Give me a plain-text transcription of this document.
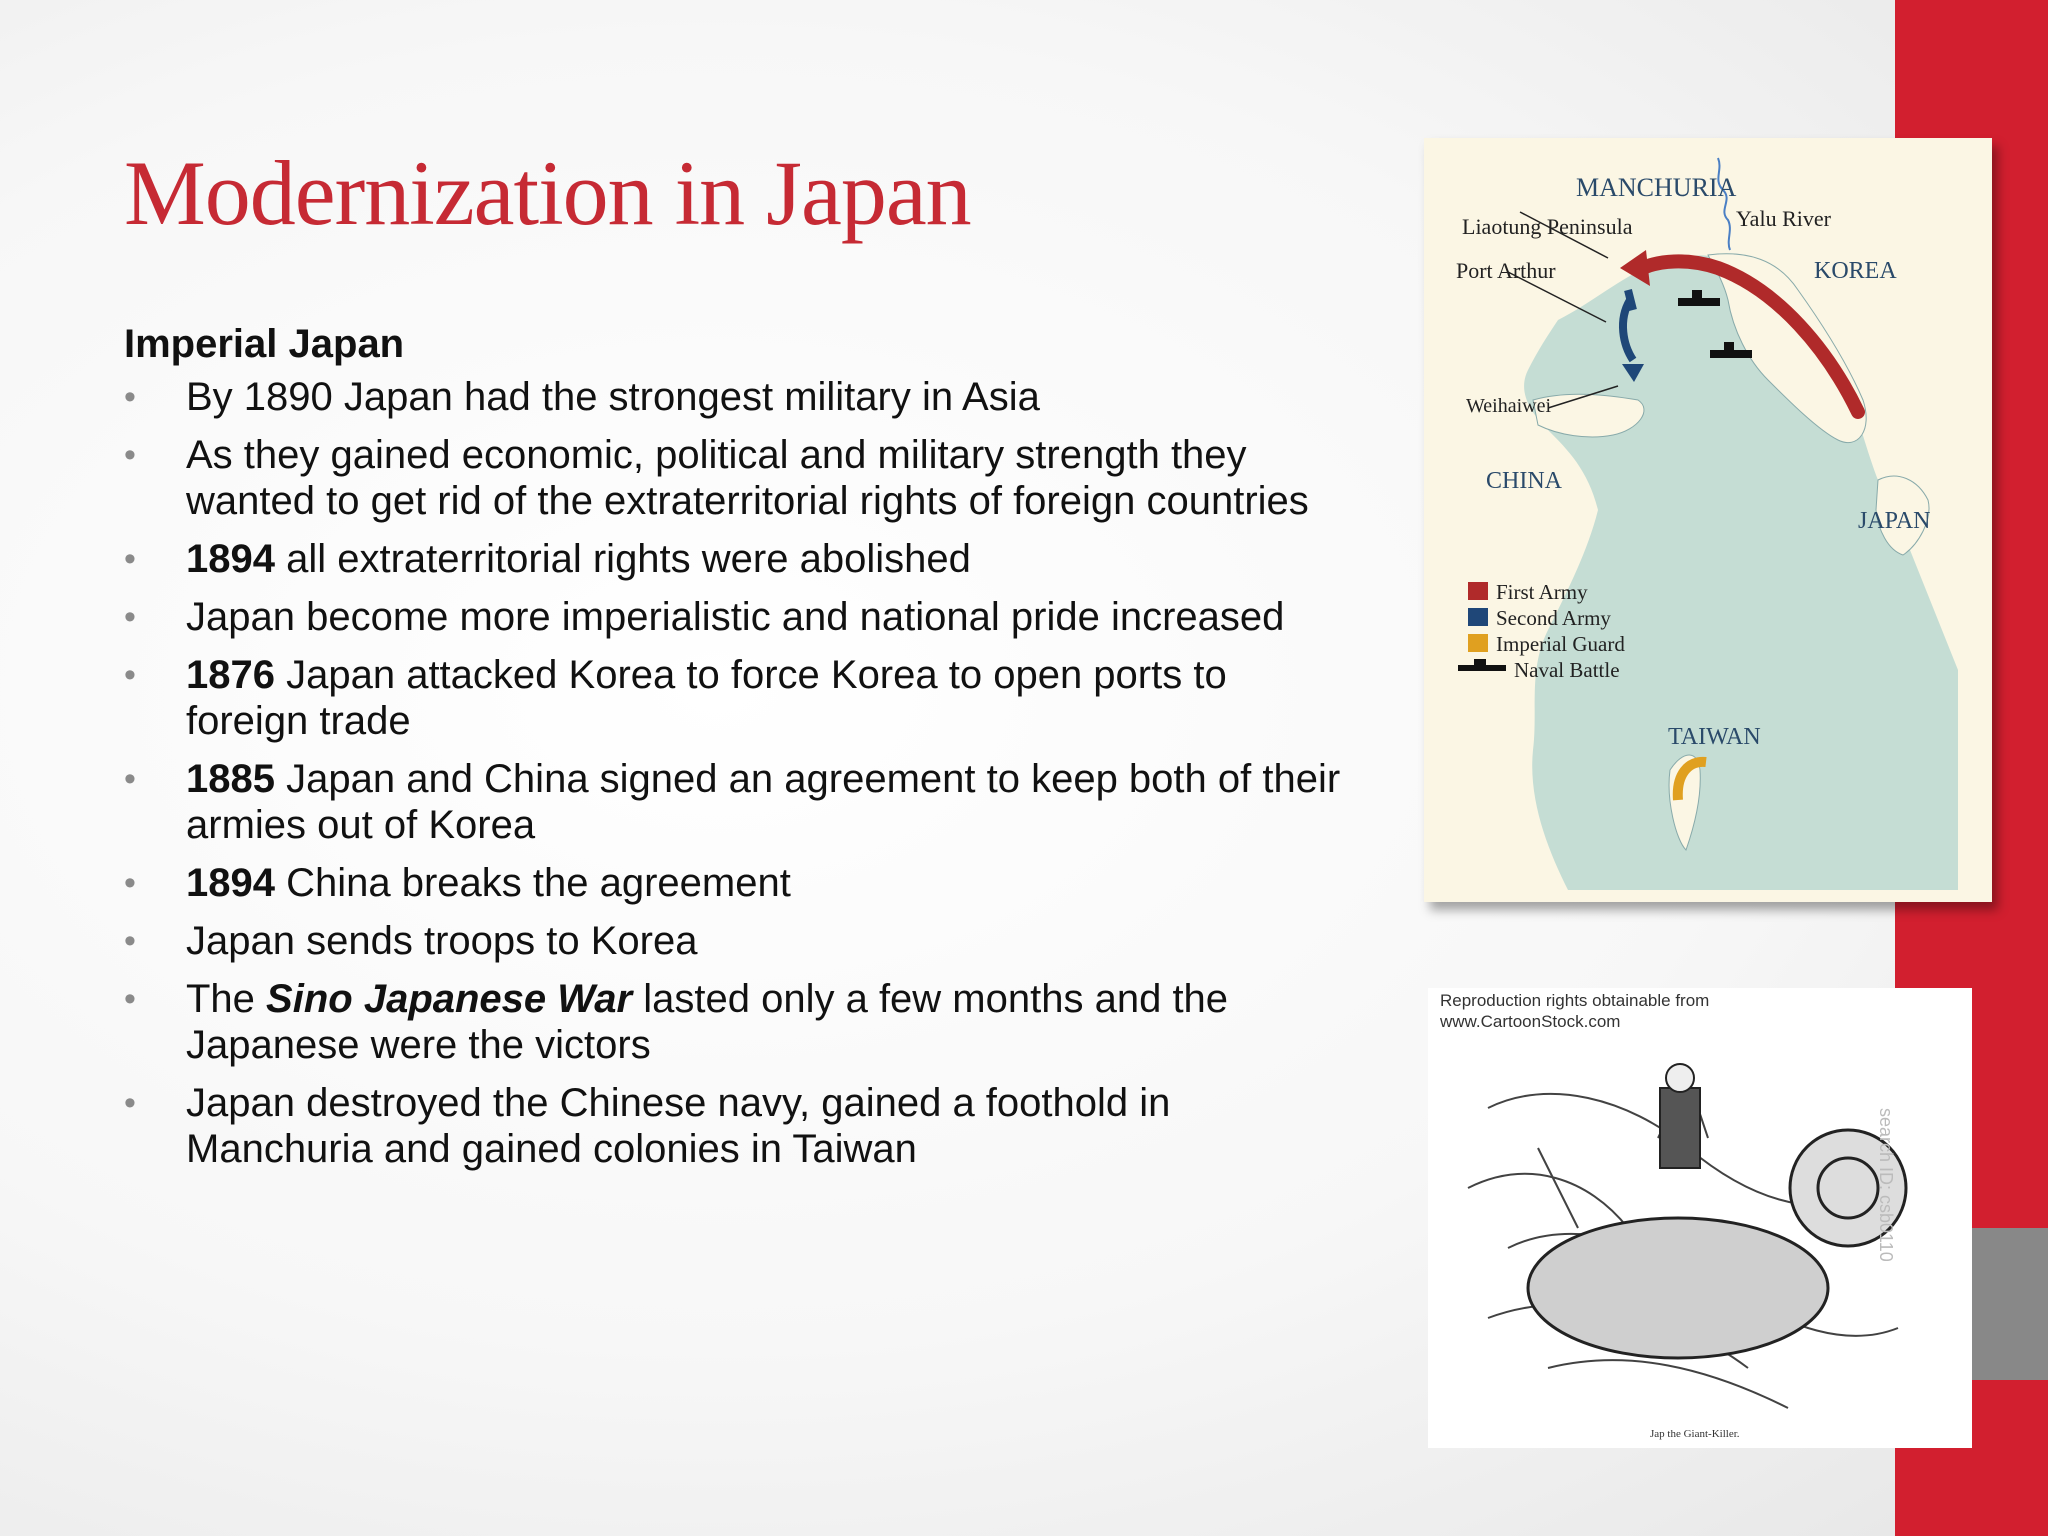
Modernization in Japan
Imperial Japan
• By 1890 Japan had the strongest military in Asia
• As they gained economic, political and military strength they wanted to get rid of the extraterritorial rights of foreign countries
• 1894 all extraterritorial rights were abolished
• Japan become more imperialistic and national pride increased
• 1876 Japan attacked Korea to force Korea to open ports to foreign trade
• 1885 Japan and China signed an agreement to keep both of their armies out of Korea
• 1894 China breaks the agreement
• Japan sends troops to Korea
• The Sino Japanese War lasted only a few months and the Japanese were the victors
• Japan destroyed the Chinese navy, gained a foothold in Manchuria and gained colonies in Taiwan
MANCHURIA
Liaotung Peninsula	Yalu River
Port Arthur	KOREA
Weihaiwei
CHINA
JAPAN
TAIWAN
First Army
Second Army
Imperial Guard
Naval Battle
Reproduction rights obtainable from
www.CartoonStock.com
search ID: csb0110
Jap the Giant-Killer.
